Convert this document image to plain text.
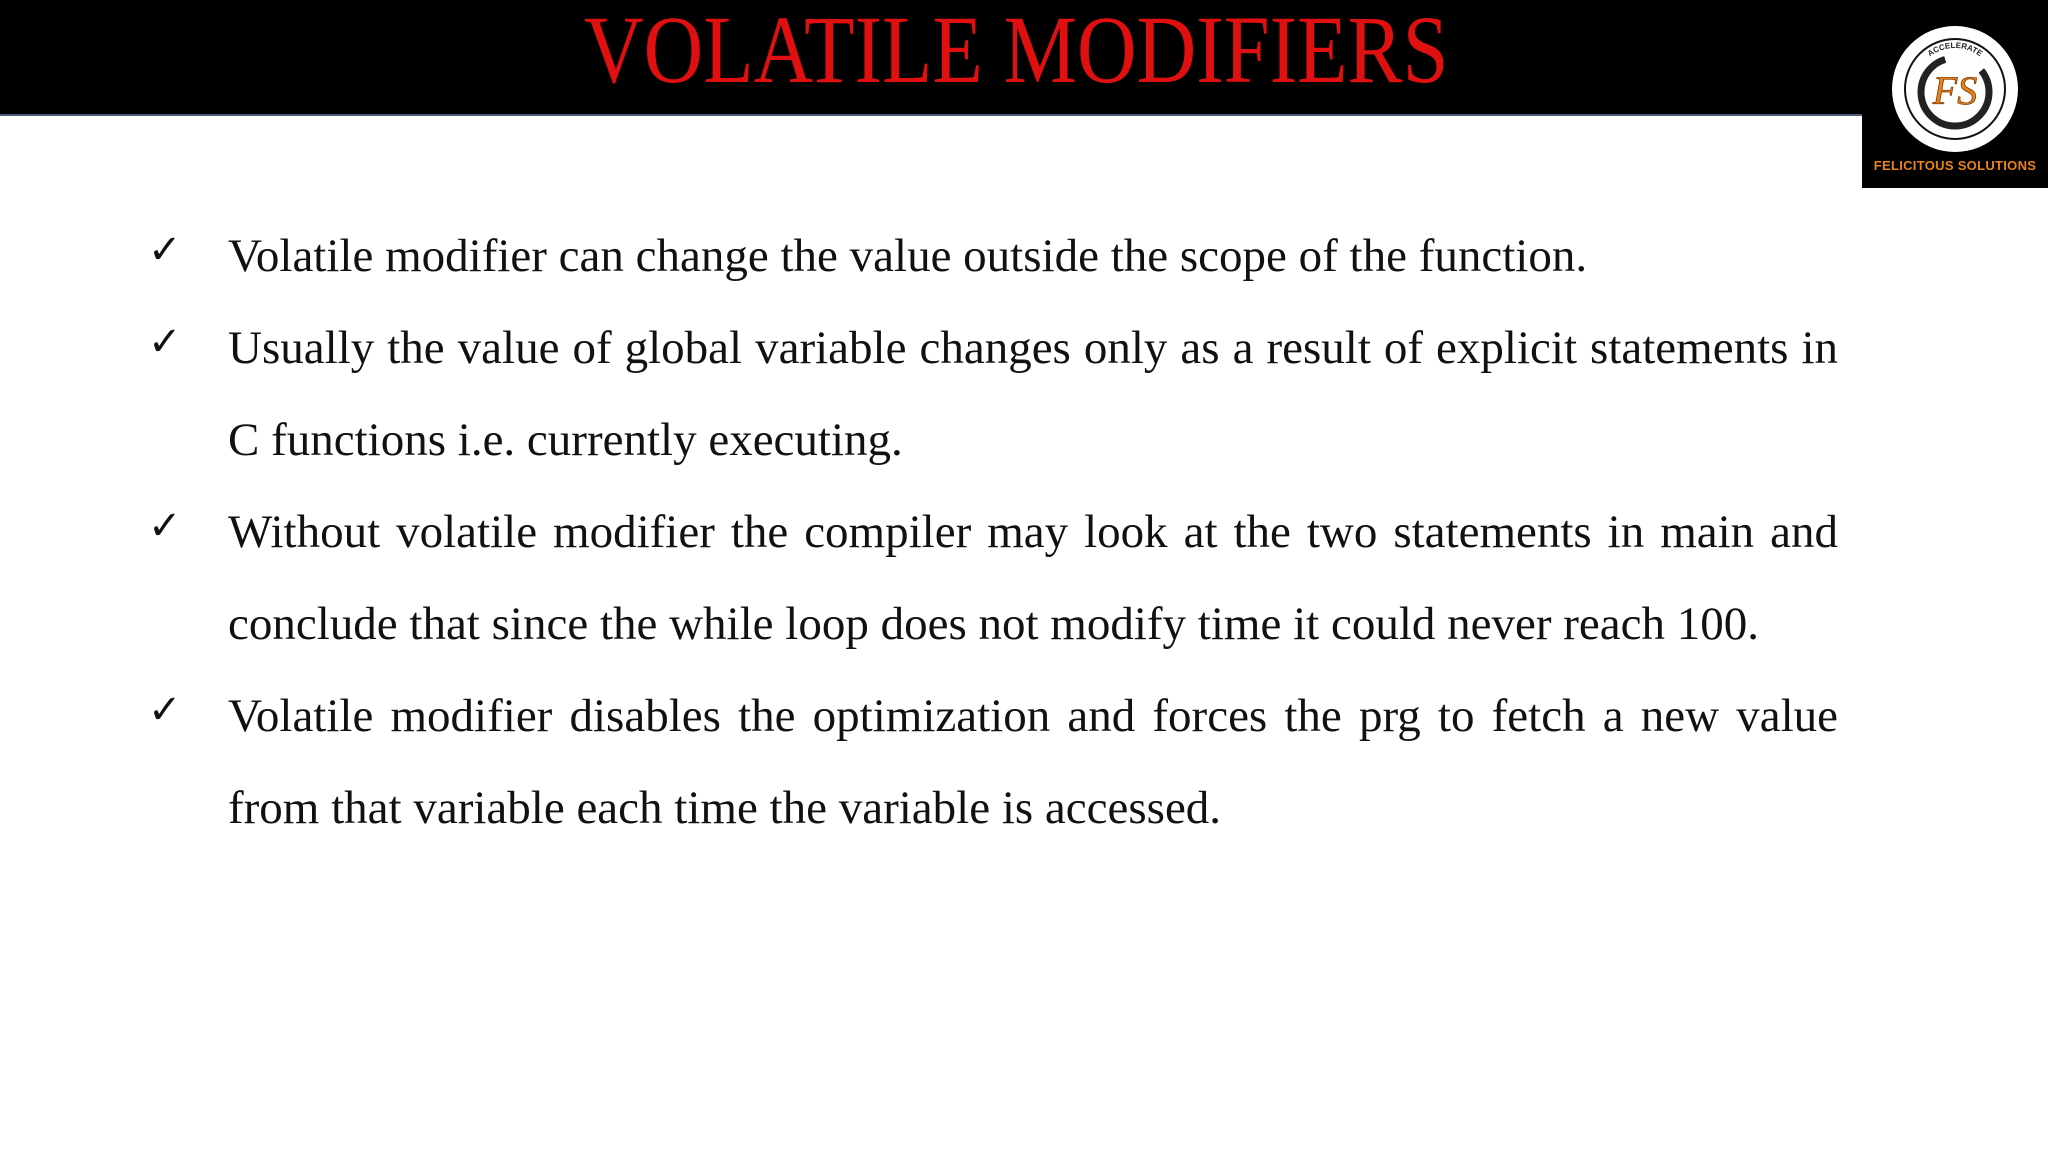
VOLATILE MODIFIERS	ACCELERATE
FS
FELICITOUS SOLUTIONS
✓ Volatile modifier can change the value outside the scope of the function.
✓ Usually the value of global variable changes only as a result of explicit statements in C functions i.e. currently executing.
✓ Without volatile modifier the compiler may look at the two statements in main and conclude that since the while loop does not modify time it could never reach 100.
✓ Volatile modifier disables the optimization and forces the prg to fetch a new value from that variable each time the variable is accessed.
